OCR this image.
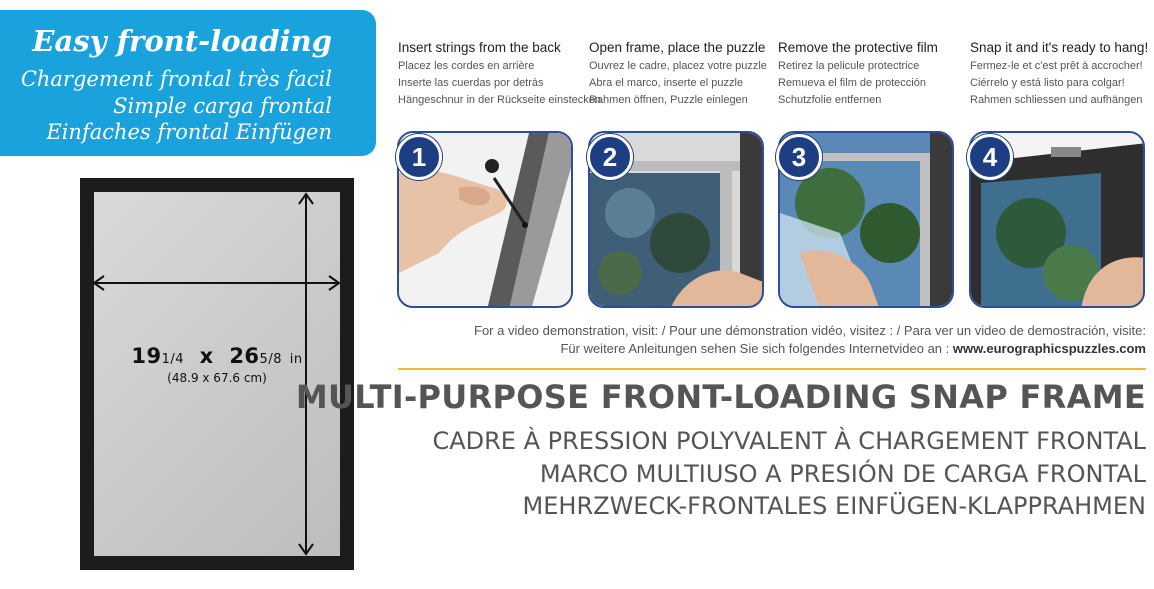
Easy front-loading
Chargement frontal très facil
Simple carga frontal
Einfaches frontal Einfügen
191/4 x 265/8 in
(48.9 x 67.6 cm)
Insert strings from the back
Placez les cordes en arrière
Inserte las cuerdas por detrás
Hängeschnur in der Rückseite einstecken
Open frame, place the puzzle
Ouvrez le cadre, placez votre puzzle
Abra el marco, inserte el puzzle
Rahmen öffnen, Puzzle einlegen
Remove the protective film
Retirez la pelicule protectrice
Remueva el film de protección
Schutzfolie entfernen
Snap it and it's ready to hang!
Fermez-le et c'est prêt à accrocher!
Ciérrelo y está listo para colgar!
Rahmen schliessen und aufhängen
1	2	3	4
For a video demonstration, visit: / Pour une démonstration vidéo, visitez : / Para ver un video de demostración, visite:
Für weitere Anleitungen sehen Sie sich folgendes Internetvideo an : www.eurographicspuzzles.com
MULTI-PURPOSE FRONT-LOADING SNAP FRAME
CADRE À PRESSION POLYVALENT À CHARGEMENT FRONTAL
MARCO MULTIUSO A PRESIÓN DE CARGA FRONTAL
MEHRZWECK-FRONTALES EINFÜGEN-KLAPPRAHMEN
